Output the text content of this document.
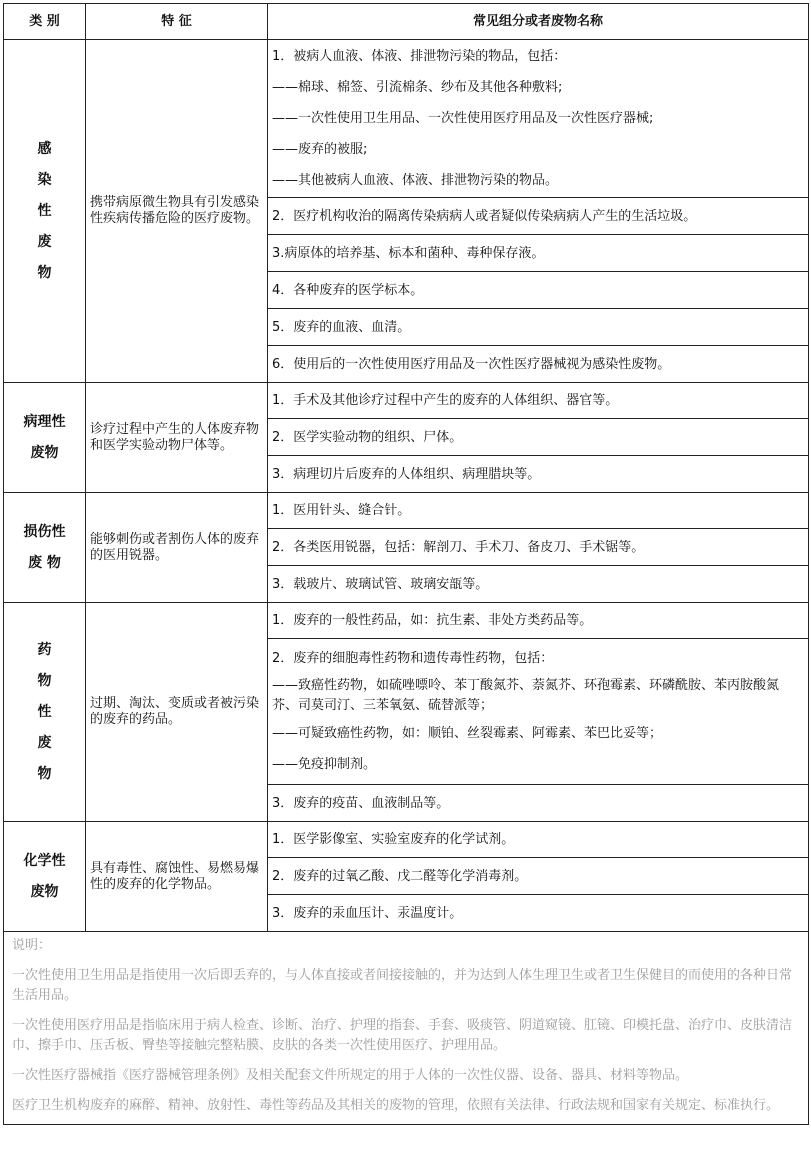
类 别	特 征	常见组分或者废物名称

感
染
性
废
物	携带病原微生物具有引发感染性疾病传播危险的医疗废物。	1．被病人血液、体液、排泄物污染的物品，包括：
——棉球、棉签、引流棉条、纱布及其他各种敷料;
——一次性使用卫生用品、一次性使用医疗用品及一次性医疗器械;
——废弃的被服;
——其他被病人血液、体液、排泄物污染的物品。

		2．医疗机构收治的隔离传染病病人或者疑似传染病病人产生的生活垃圾。

		3.病原体的培养基、标本和菌种、毒种保存液。

		4．各种废弃的医学标本。

		5．废弃的血液、血清。

		6．使用后的一次性使用医疗用品及一次性医疗器械视为感染性废物。

病理性
废物	诊疗过程中产生的人体废弃物和医学实验动物尸体等。	1．手术及其他诊疗过程中产生的废弃的人体组织、器官等。

		2．医学实验动物的组织、尸体。

		3．病理切片后废弃的人体组织、病理腊块等。

损伤性
废 物	能够刺伤或者割伤人体的废弃的医用锐器。	1．医用针头、缝合针。

		2．各类医用锐器，包括：解剖刀、手术刀、备皮刀、手术锯等。

		3．载玻片、玻璃试管、玻璃安瓿等。

药
物
性
废
物	过期、淘汰、变质或者被污染的废弃的药品。	1．废弃的一般性药品，如：抗生素、非处方类药品等。

		2．废弃的细胞毒性药物和遗传毒性药物，包括：
——致癌性药物，如硫唑嘌呤、苯丁酸氮芥、萘氮芥、环孢霉素、环磷酰胺、苯丙胺酸氮芥、司莫司汀、三苯氧氨、硫替派等；
——可疑致癌性药物，如：顺铂、丝裂霉素、阿霉素、苯巴比妥等；
——免疫抑制剂。

		3．废弃的疫苗、血液制品等。

化学性
废物	具有毒性、腐蚀性、易燃易爆性的废弃的化学物品。	1．医学影像室、实验室废弃的化学试剂。

		2．废弃的过氧乙酸、戊二醛等化学消毒剂。

		3．废弃的汞血压计、汞温度计。

说明：

一次性使用卫生用品是指使用一次后即丢弃的，与人体直接或者间接接触的，并为达到人体生理卫生或者卫生保健目的而使用的各种日常生活用品。

一次性使用医疗用品是指临床用于病人检查、诊断、治疗、护理的指套、手套、吸痰管、阴道窥镜、肛镜、印模托盘、治疗巾、皮肤清洁巾、擦手巾、压舌板、臀垫等接触完整粘膜、皮肤的各类一次性使用医疗、护理用品。

一次性医疗器械指《医疗器械管理条例》及相关配套文件所规定的用于人体的一次性仪器、设备、器具、材料等物品。

医疗卫生机构废弃的麻醉、精神、放射性、毒性等药品及其相关的废物的管理，依照有关法律、行政法规和国家有关规定、标准执行。		
